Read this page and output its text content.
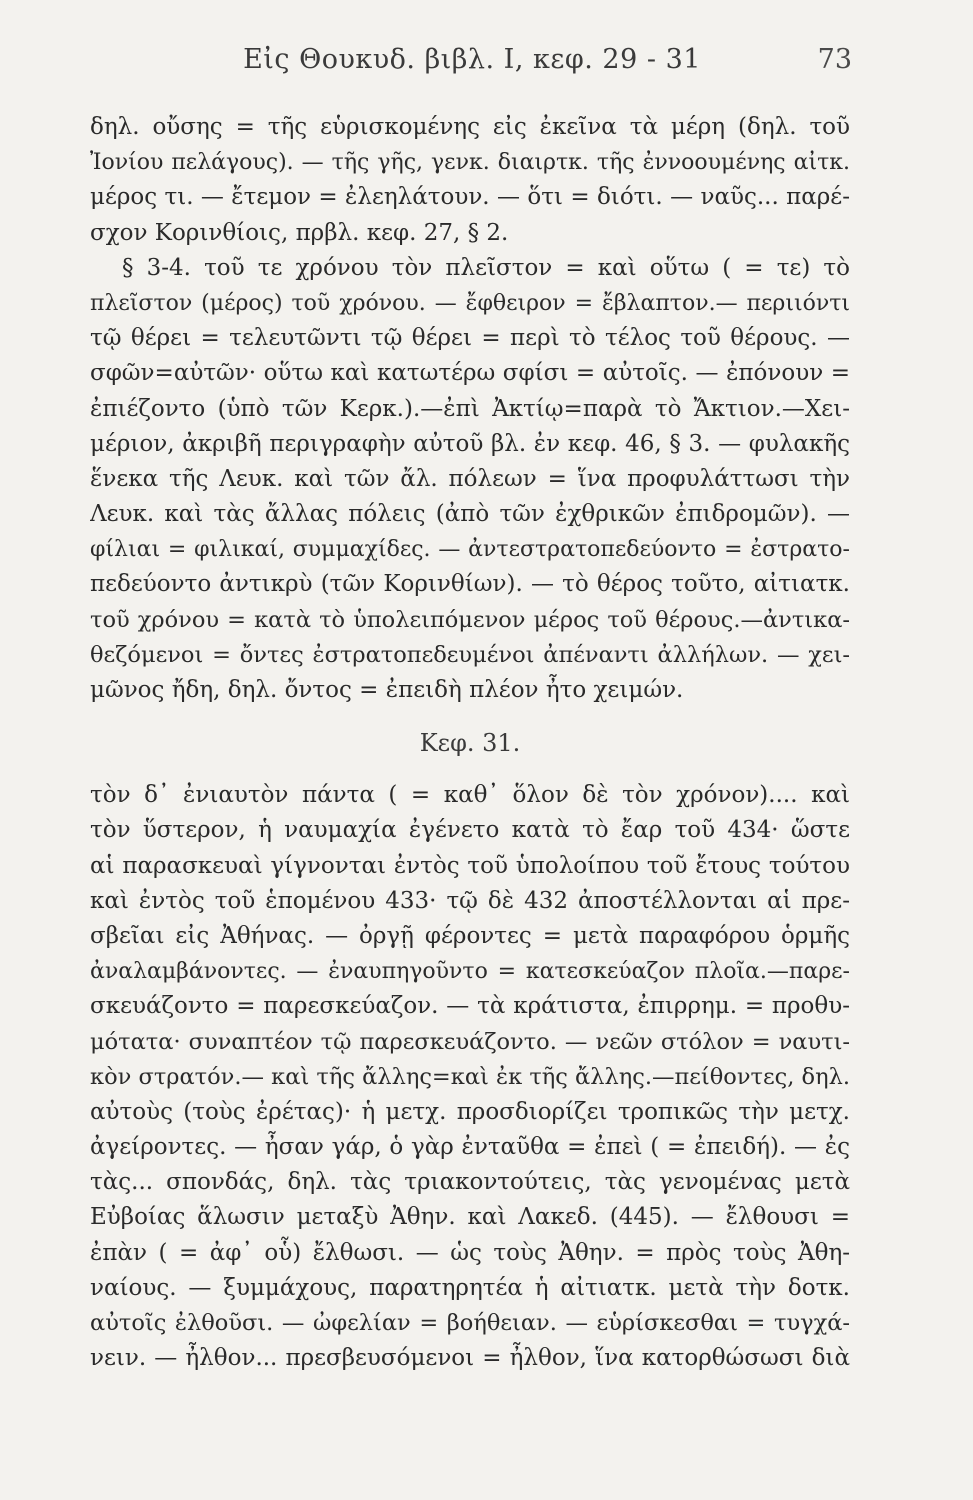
Εἰς Θουκυδ. βιβλ. Ι, κεφ. 29 - 31	73
δηλ. οὔσης = τῆς εὑρισκομένης εἰς ἐκεῖνα τὰ μέρη (δηλ. τοῦ
Ἰονίου πελάγους). — τῆς γῆς, γενκ. διαιρτκ. τῆς ἐννοουμένης αἰτκ.
μέρος τι. — ἔτεμον = ἐλεηλάτουν. — ὅτι = διότι. — ναῦς... παρέ-
σχον Κορινθίοις, πρβλ. κεφ. 27, § 2.
§ 3-4. τοῦ τε χρόνου τὸν πλεῖστον = καὶ οὕτω ( = τε) τὸ
πλεῖστον (μέρος) τοῦ χρόνου. — ἔφθειρον = ἔβλαπτον.— περιιόντι
τῷ θέρει = τελευτῶντι τῷ θέρει = περὶ τὸ τέλος τοῦ θέρους. —
σφῶν=αὐτῶν· οὕτω καὶ κατωτέρω σφίσι = αὐτοῖς. — ἐπόνουν =
ἐπιέζοντο (ὑπὸ τῶν Κερκ.).—ἐπὶ Ἀκτίῳ=παρὰ τὸ Ἄκτιον.—Χει-
μέριον, ἀκριβῆ περιγραφὴν αὐτοῦ βλ. ἐν κεφ. 46, § 3. — φυλακῆς
ἕνεκα τῆς Λευκ. καὶ τῶν ἄλ. πόλεων = ἵνα προφυλάττωσι τὴν
Λευκ. καὶ τὰς ἄλλας πόλεις (ἀπὸ τῶν ἐχθρικῶν ἐπιδρομῶν). —
φίλιαι = φιλικαί, συμμαχίδες. — ἀντεστρατοπεδεύοντο = ἐστρατο-
πεδεύοντο ἀντικρὺ (τῶν Κορινθίων). — τὸ θέρος τοῦτο, αἰτιατκ.
τοῦ χρόνου = κατὰ τὸ ὑπολειπόμενον μέρος τοῦ θέρους.—ἀντικα-
θεζόμενοι = ὄντες ἐστρατοπεδευμένοι ἀπέναντι ἀλλήλων. — χει-
μῶνος ἤδη, δηλ. ὄντος = ἐπειδὴ πλέον ἦτο χειμών.
Κεφ. 31.
τὸν δ᾽ ἐνιαυτὸν πάντα ( = καθ᾽ ὅλον δὲ τὸν χρόνον).... καὶ
τὸν ὕστερον, ἡ ναυμαχία ἐγένετο κατὰ τὸ ἔαρ τοῦ 434· ὥστε
αἱ παρασκευαὶ γίγνονται ἐντὸς τοῦ ὑπολοίπου τοῦ ἔτους τούτου
καὶ ἐντὸς τοῦ ἑπομένου 433· τῷ δὲ 432 ἀποστέλλονται αἱ πρε-
σβεῖαι εἰς Ἀθήνας. — ὀργῇ φέροντες = μετὰ παραφόρου ὁρμῆς
ἀναλαμβάνοντες. — ἐναυπηγοῦντο = κατεσκεύαζον πλοῖα.—παρε-
σκευάζοντο = παρεσκεύαζον. — τὰ κράτιστα, ἐπιρρημ. = προθυ-
μότατα· συναπτέον τῷ παρεσκευάζοντο. — νεῶν στόλον = ναυτι-
κὸν στρατόν.— καὶ τῆς ἄλλης=καὶ ἐκ τῆς ἄλλης.—πείθοντες, δηλ.
αὐτοὺς (τοὺς ἐρέτας)· ἡ μετχ. προσδιορίζει τροπικῶς τὴν μετχ.
ἀγείροντες. — ἦσαν γάρ, ὁ γὰρ ἐνταῦθα = ἐπεὶ ( = ἐπειδή). — ἐς
τὰς... σπονδάς, δηλ. τὰς τριακοντούτεις, τὰς γενομένας μετὰ
Εὐβοίας ἅλωσιν μεταξὺ Ἀθην. καὶ Λακεδ. (445). — ἔλθουσι =
ἐπὰν ( = ἀφ᾽ οὗ) ἔλθωσι. — ὡς τοὺς Ἀθην. = πρὸς τοὺς Ἀθη-
ναίους. — ξυμμάχους, παρατηρητέα ἡ αἰτιατκ. μετὰ τὴν δοτκ.
αὐτοῖς ἐλθοῦσι. — ὠφελίαν = βοήθειαν. — εὑρίσκεσθαι = τυγχά-
νειν. — ἦλθον... πρεσβευσόμενοι = ἦλθον, ἵνα κατορθώσωσι διὰ
